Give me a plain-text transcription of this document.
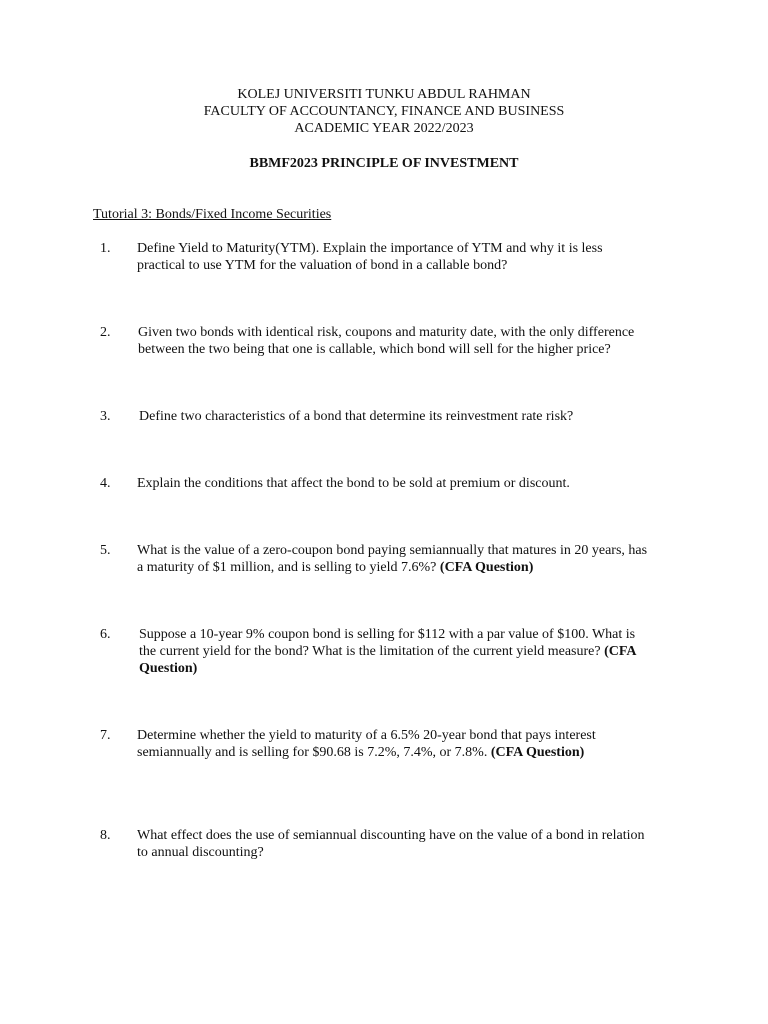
KOLEJ UNIVERSITI TUNKU ABDUL RAHMAN
FACULTY OF ACCOUNTANCY, FINANCE AND BUSINESS
ACADEMIC YEAR 2022/2023
BBMF2023 PRINCIPLE OF INVESTMENT
Tutorial 3: Bonds/Fixed Income Securities
1. Define Yield to Maturity(YTM). Explain the importance of YTM and why it is less
practical to use YTM for the valuation of bond in a callable bond?
2. Given two bonds with identical risk, coupons and maturity date, with the only difference
between the two being that one is callable, which bond will sell for the higher price?
3. Define two characteristics of a bond that determine its reinvestment rate risk?
4. Explain the conditions that affect the bond to be sold at premium or discount.
5. What is the value of a zero-coupon bond paying semiannually that matures in 20 years, has
a maturity of $1 million, and is selling to yield 7.6%? (CFA Question)
6. Suppose a 10-year 9% coupon bond is selling for $112 with a par value of $100. What is
the current yield for the bond? What is the limitation of the current yield measure? (CFA
Question)
7. Determine whether the yield to maturity of a 6.5% 20-year bond that pays interest
semiannually and is selling for $90.68 is 7.2%, 7.4%, or 7.8%. (CFA Question)
8. What effect does the use of semiannual discounting have on the value of a bond in relation
to annual discounting?
